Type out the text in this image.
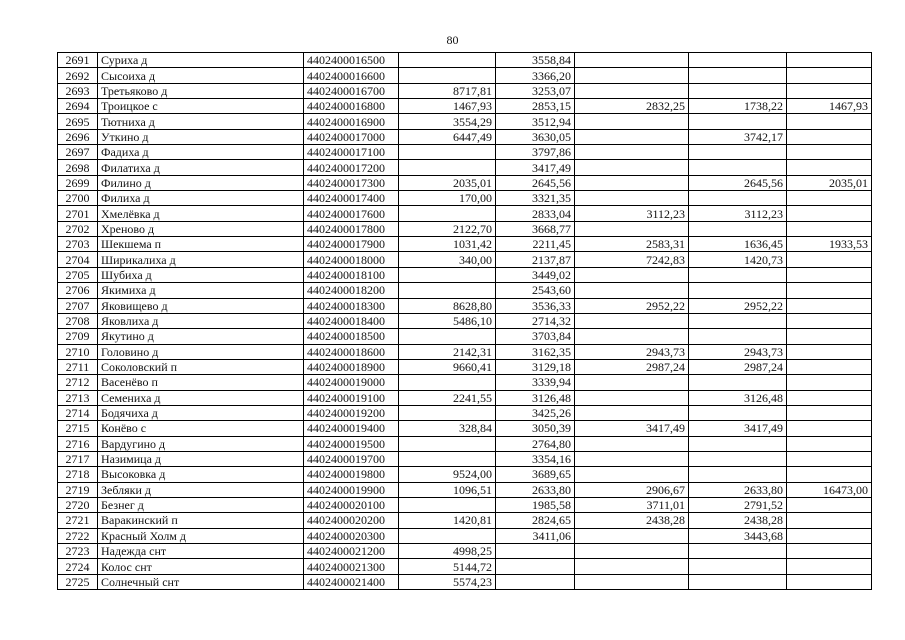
80
2691	Суриха д	4402400016500		3558,84			
2692	Сысоиха д	4402400016600		3366,20			
2693	Третьяково д	4402400016700	8717,81	3253,07			
2694	Троицкое с	4402400016800	1467,93	2853,15	2832,25	1738,22	1467,93
2695	Тютниха д	4402400016900	3554,29	3512,94			
2696	Уткино д	4402400017000	6447,49	3630,05		3742,17	
2697	Фадиха д	4402400017100		3797,86			
2698	Филатиха д	4402400017200		3417,49			
2699	Филино д	4402400017300	2035,01	2645,56		2645,56	2035,01
2700	Филиха д	4402400017400	170,00	3321,35			
2701	Хмелёвка д	4402400017600		2833,04	3112,23	3112,23	
2702	Хреново д	4402400017800	2122,70	3668,77			
2703	Шекшема п	4402400017900	1031,42	2211,45	2583,31	1636,45	1933,53
2704	Ширикалиха д	4402400018000	340,00	2137,87	7242,83	1420,73	
2705	Шубиха д	4402400018100		3449,02			
2706	Якимиха д	4402400018200		2543,60			
2707	Яковищево д	4402400018300	8628,80	3536,33	2952,22	2952,22	
2708	Яковлиха д	4402400018400	5486,10	2714,32			
2709	Якутино д	4402400018500		3703,84			
2710	Головино д	4402400018600	2142,31	3162,35	2943,73	2943,73	
2711	Соколовский п	4402400018900	9660,41	3129,18	2987,24	2987,24	
2712	Васенёво п	4402400019000		3339,94			
2713	Семениха д	4402400019100	2241,55	3126,48		3126,48	
2714	Бодячиха д	4402400019200		3425,26			
2715	Конёво с	4402400019400	328,84	3050,39	3417,49	3417,49	
2716	Вардугино д	4402400019500		2764,80			
2717	Назимица д	4402400019700		3354,16			
2718	Высоковка д	4402400019800	9524,00	3689,65			
2719	Зебляки д	4402400019900	1096,51	2633,80	2906,67	2633,80	16473,00
2720	Безнег д	4402400020100		1985,58	3711,01	2791,52	
2721	Варакинский п	4402400020200	1420,81	2824,65	2438,28	2438,28	
2722	Красный Холм д	4402400020300		3411,06		3443,68	
2723	Надежда снт	4402400021200	4998,25				
2724	Колос снт	4402400021300	5144,72				
2725	Солнечный снт	4402400021400	5574,23				
